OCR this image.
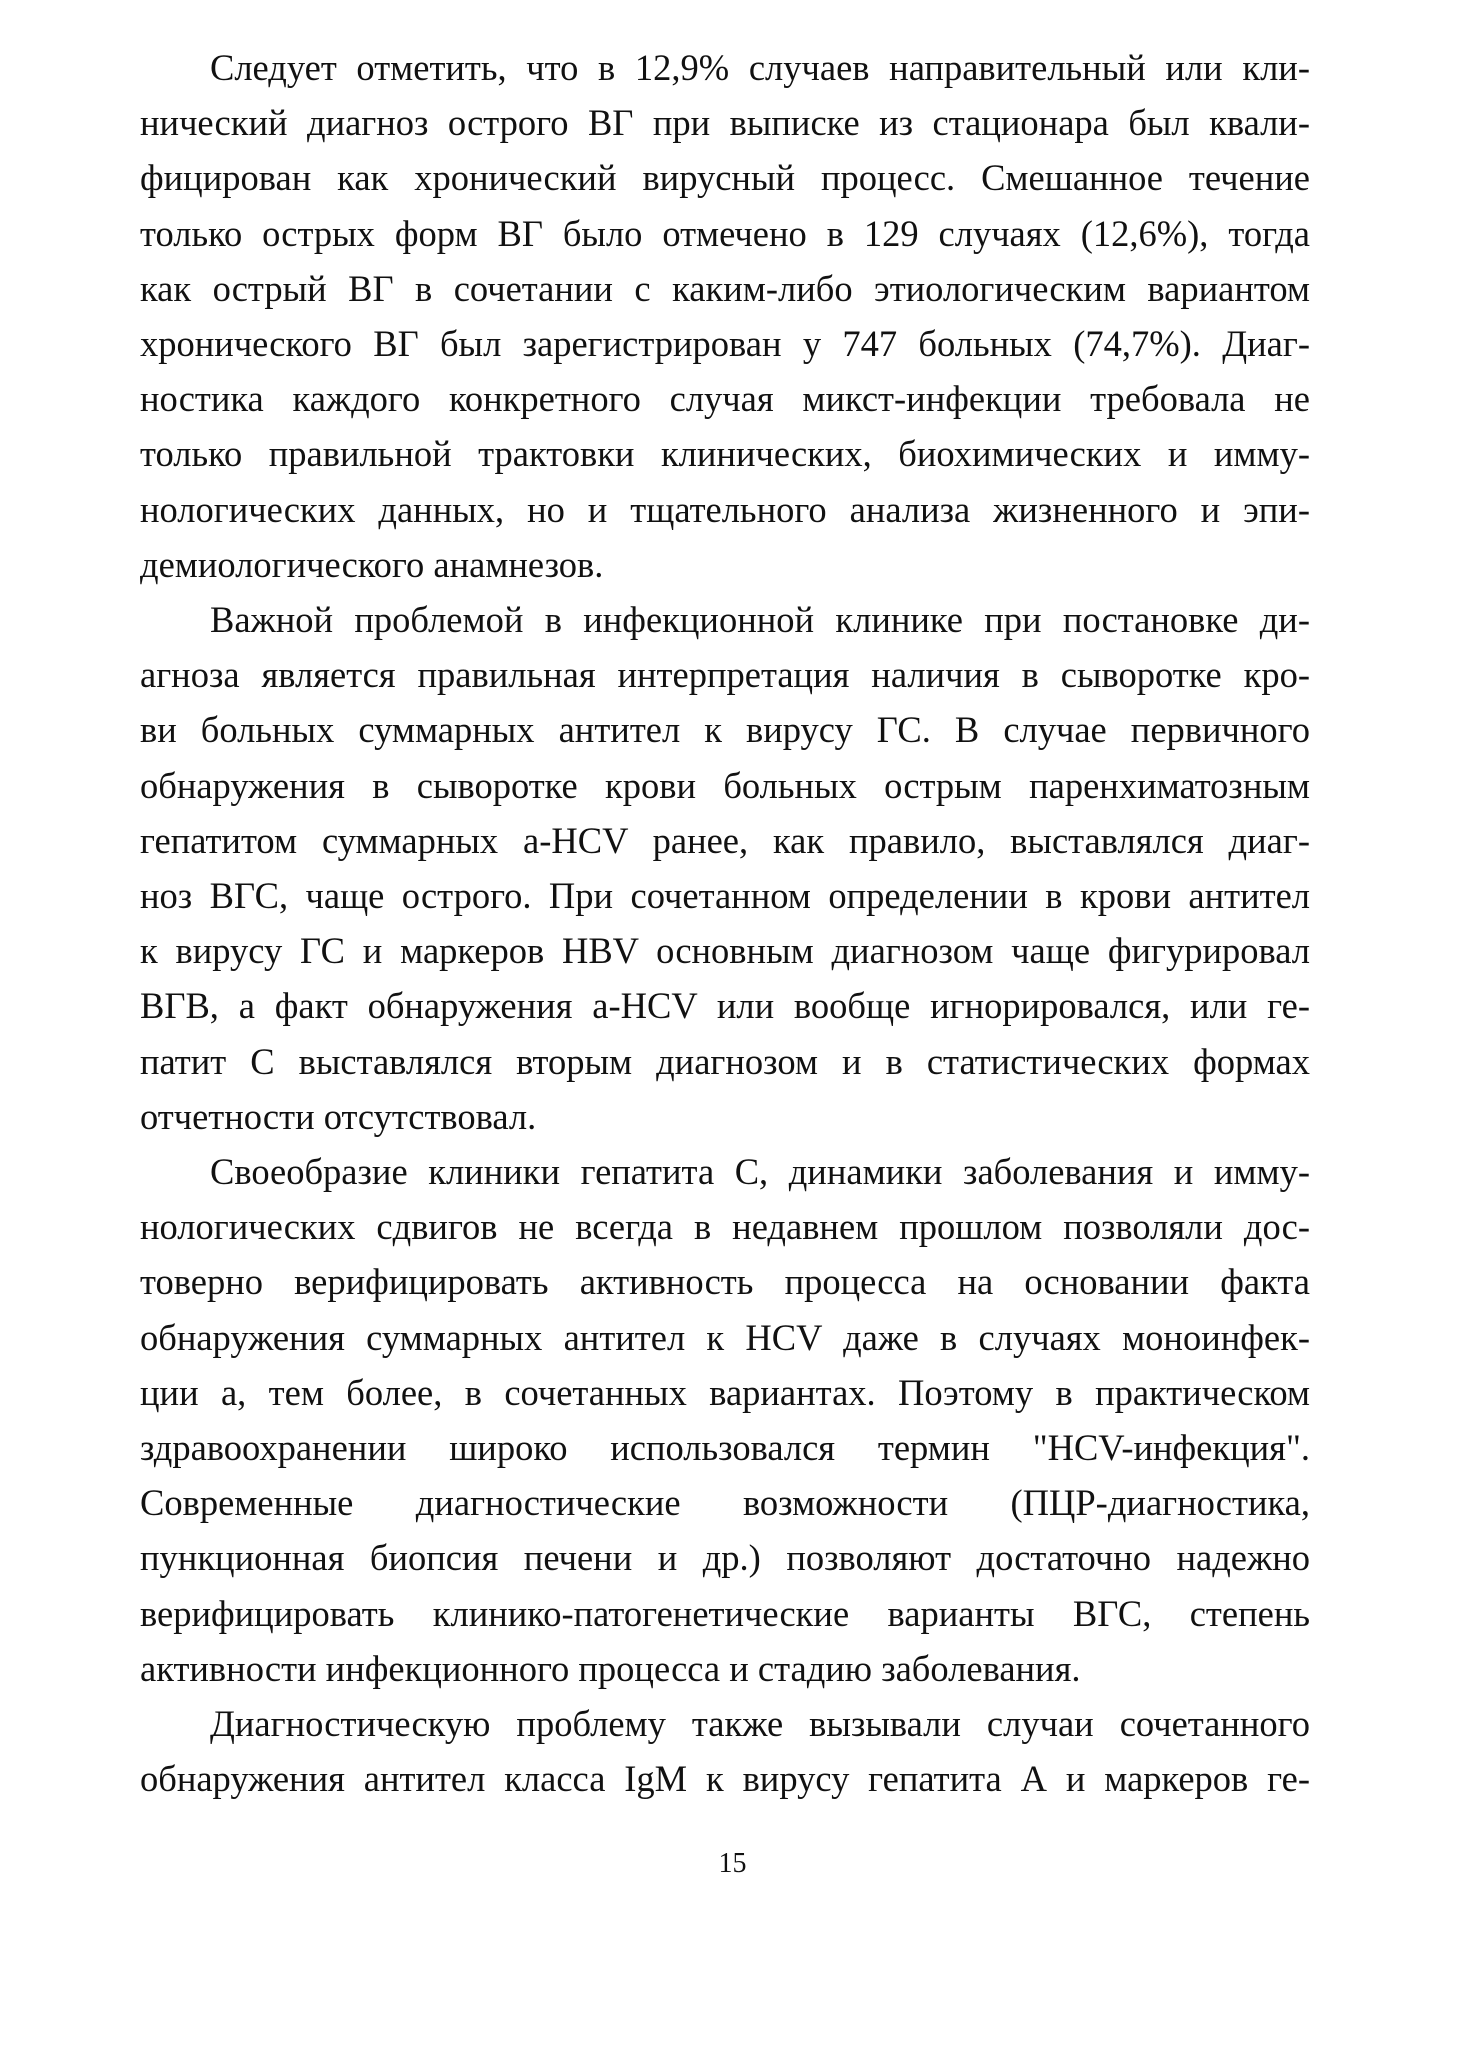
Следует отметить, что в 12,9% случаев направительный или кли-
нический диагноз острого ВГ при выписке из стационара был квали-
фицирован как хронический вирусный процесс. Смешанное течение
только острых форм ВГ было отмечено в 129 случаях (12,6%), тогда
как острый ВГ в сочетании с каким-либо этиологическим вариантом
хронического ВГ был зарегистрирован у 747 больных (74,7%). Диаг-
ностика каждого конкретного случая микст-инфекции требовала не
только правильной трактовки клинических, биохимических и имму-
нологических данных, но и тщательного анализа жизненного и эпи-
демиологического анамнезов.
Важной проблемой в инфекционной клинике при постановке ди-
агноза является правильная интерпретация наличия в сыворотке кро-
ви больных суммарных антител к вирусу ГС. В случае первичного
обнаружения в сыворотке крови больных острым паренхиматозным
гепатитом суммарных a-HCV ранее, как правило, выставлялся диаг-
ноз ВГС, чаще острого. При сочетанном определении в крови антител
к вирусу ГС и маркеров HBV основным диагнозом чаще фигурировал
ВГВ, а факт обнаружения a-HCV или вообще игнорировался, или ге-
патит С выставлялся вторым диагнозом и в статистических формах
отчетности отсутствовал.
Своеобразие клиники гепатита С, динамики заболевания и имму-
нологических сдвигов не всегда в недавнем прошлом позволяли дос-
товерно верифицировать активность процесса на основании факта
обнаружения суммарных антител к HCV даже в случаях моноинфек-
ции а, тем более, в сочетанных вариантах. Поэтому в практическом
здравоохранении широко использовался термин "HCV-инфекция".
Современные диагностические возможности (ПЦР-диагностика,
пункционная биопсия печени и др.) позволяют достаточно надежно
верифицировать клинико-патогенетические варианты ВГС, степень
активности инфекционного процесса и стадию заболевания.
Диагностическую проблему также вызывали случаи сочетанного
обнаружения антител класса IgM к вирусу гепатита А и маркеров ге-
15
